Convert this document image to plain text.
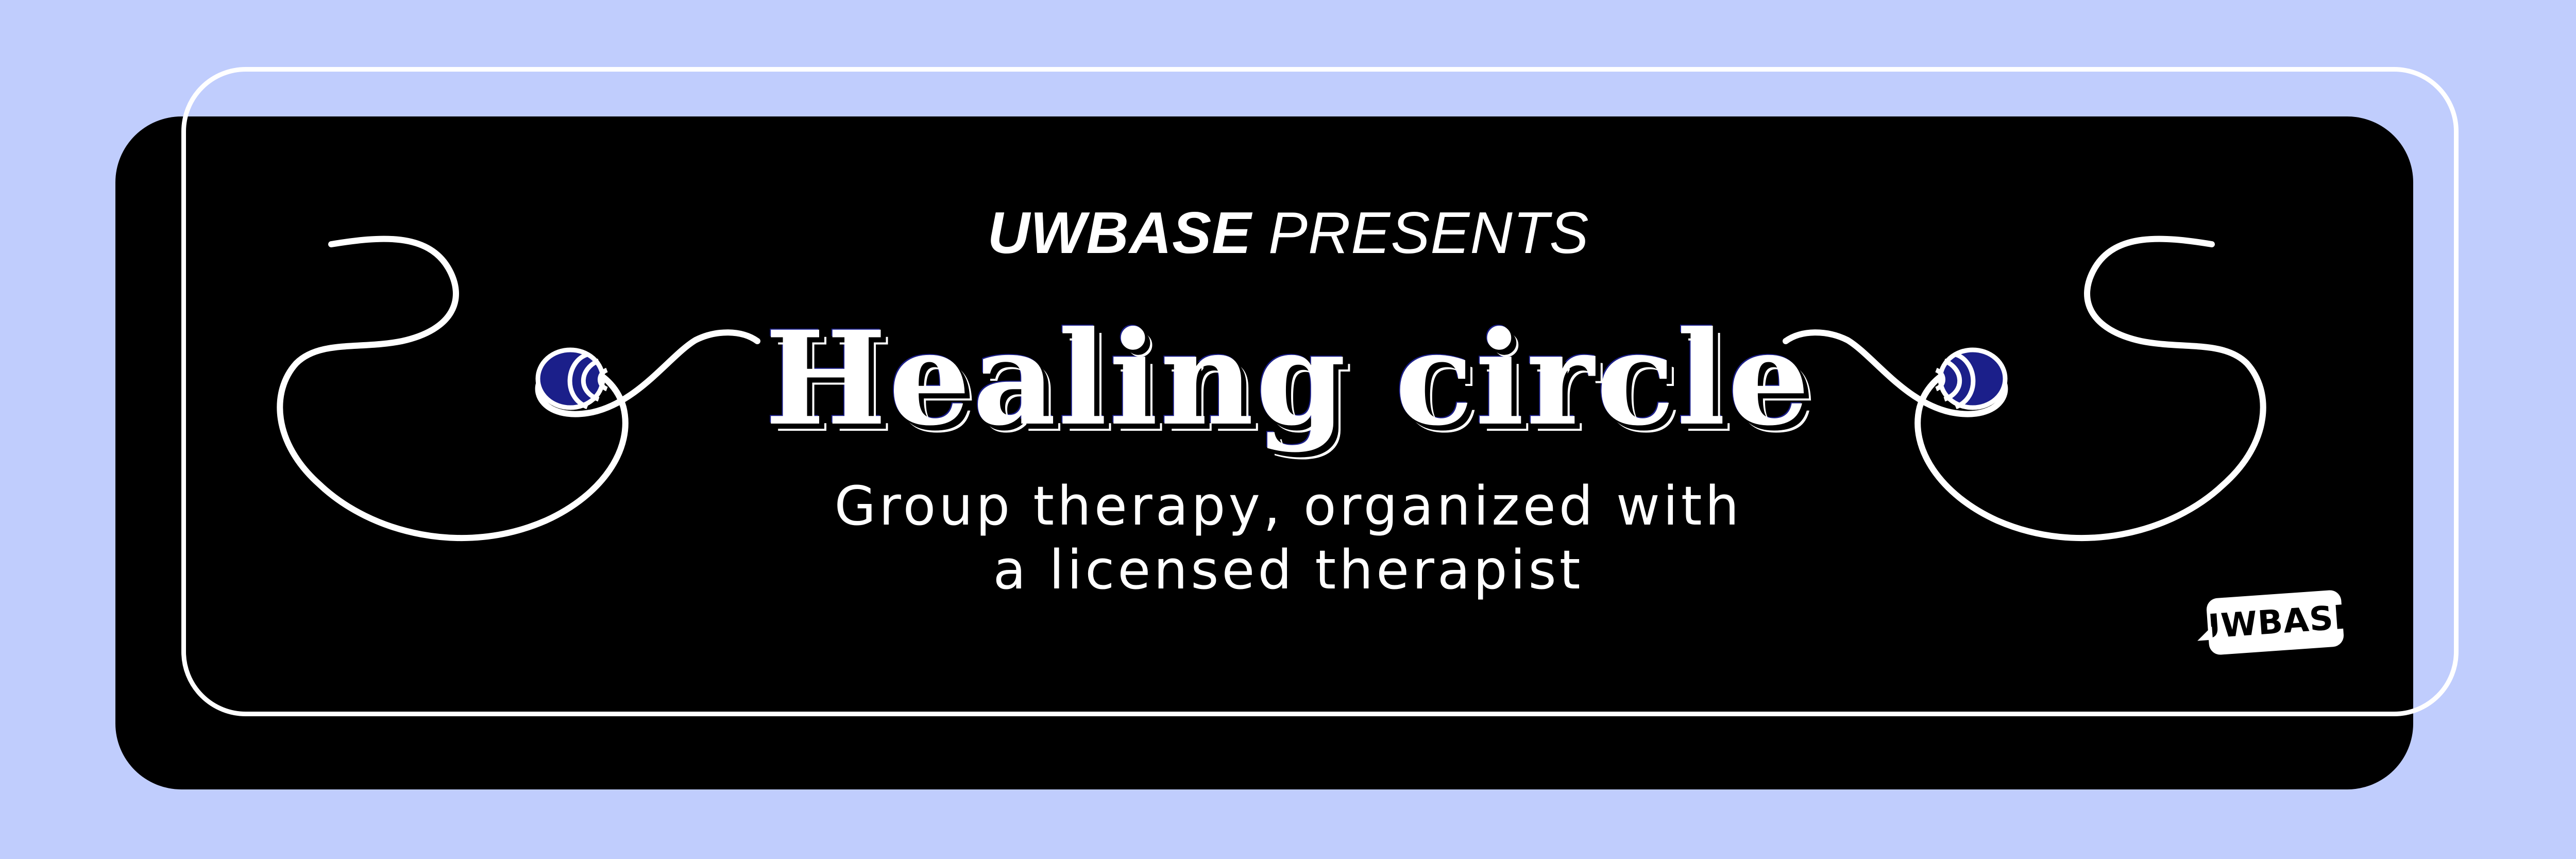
UWBASE PRESENTS
Healing circle
Group therapy, organized with
a licensed therapist
UWBASE
